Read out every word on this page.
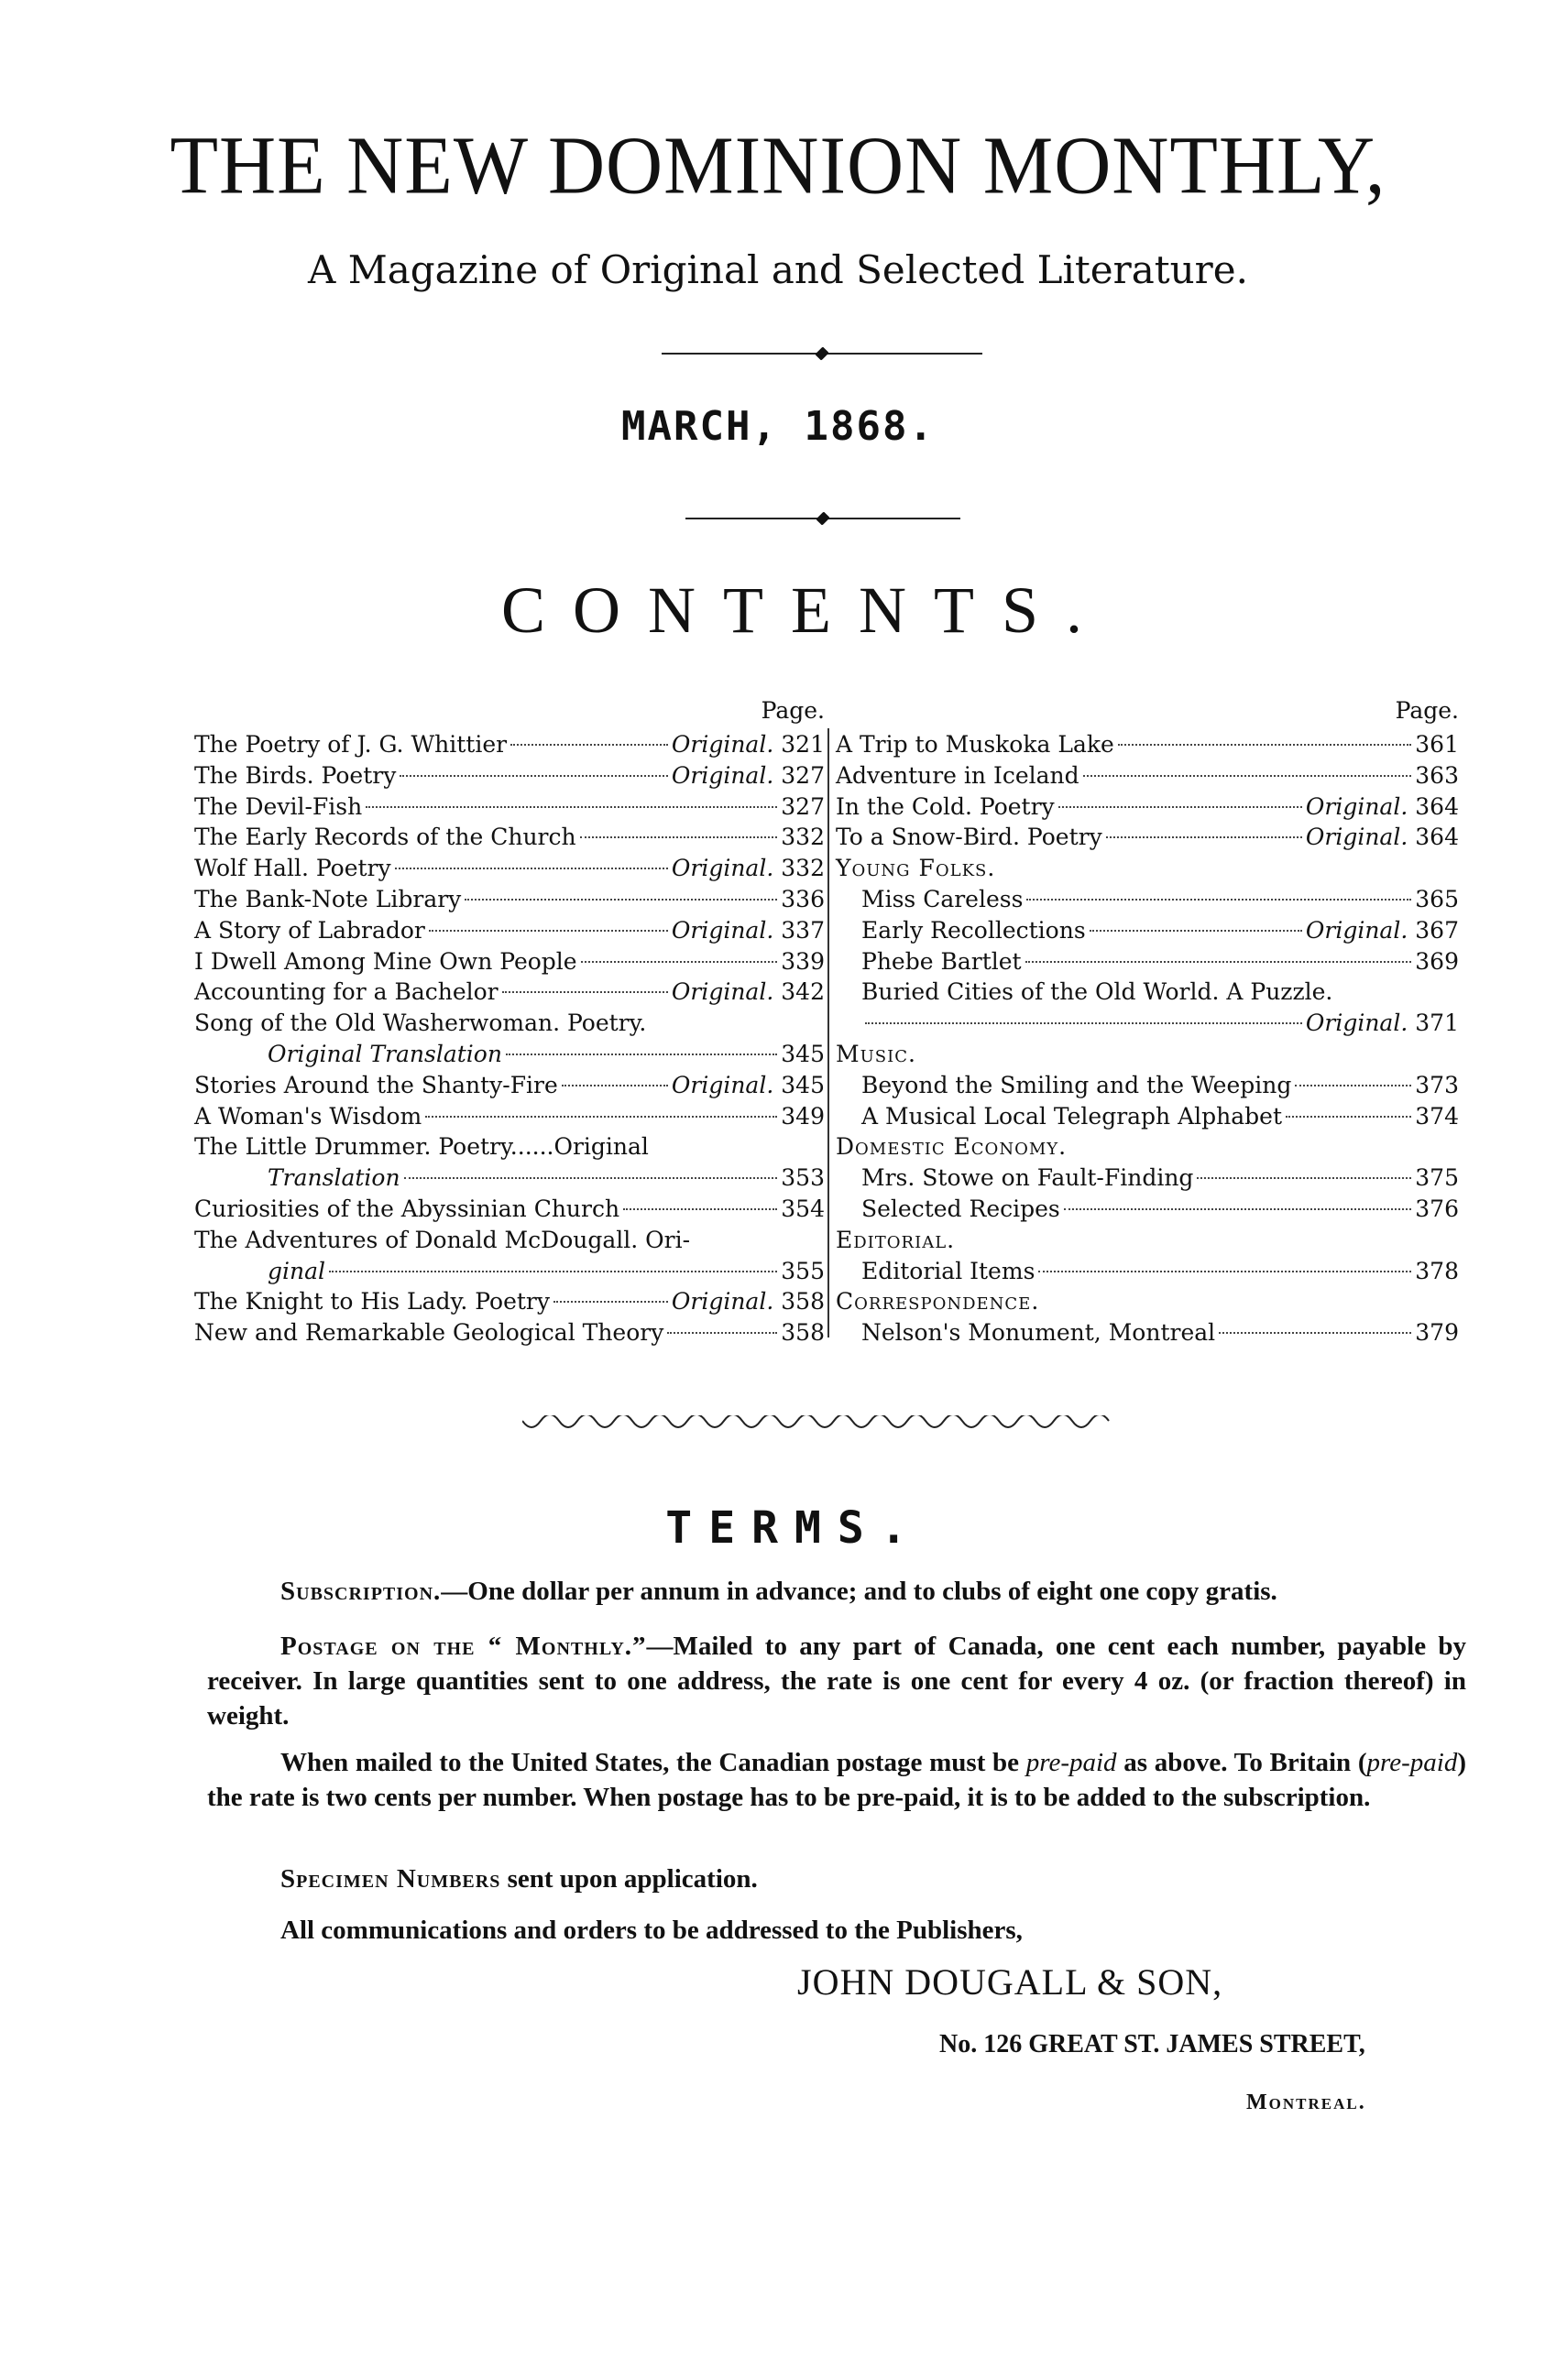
THE NEW DOMINION MONTHLY,
A Magazine of Original and Selected Literature.
MARCH, 1868.
CONTENTS.
Page.
The Poetry of J. G. Whittier	Original. 321
The Birds. Poetry	Original. 327
The Devil-Fish	327
The Early Records of the Church	332
Wolf Hall. Poetry	Original. 332
The Bank-Note Library	336
A Story of Labrador	Original. 337
I Dwell Among Mine Own People	339
Accounting for a Bachelor	Original. 342
Song of the Old Washerwoman. Poetry.
Original Translation	345
Stories Around the Shanty-Fire	Original. 345
A Woman's Wisdom	349
The Little Drummer. Poetry......Original
Translation	353
Curiosities of the Abyssinian Church	354
The Adventures of Donald McDougall. Ori-
ginal	355
The Knight to His Lady. Poetry	Original. 358
New and Remarkable Geological Theory	358
Page.
A Trip to Muskoka Lake	361
Adventure in Iceland	363
In the Cold. Poetry	Original. 364
To a Snow-Bird. Poetry	Original. 364
Young Folks.
Miss Careless	365
Early Recollections	Original. 367
Phebe Bartlet	369
Buried Cities of the Old World. A Puzzle.
Original. 371
Music.
Beyond the Smiling and the Weeping	373
A Musical Local Telegraph Alphabet	374
Domestic Economy.
Mrs. Stowe on Fault-Finding	375
Selected Recipes	376
Editorial.
Editorial Items	378
Correspondence.
Nelson's Monument, Montreal	379
TERMS.
Subscription.—One dollar per annum in advance; and to clubs of eight one copy gratis.
Postage on the “ Monthly.”—Mailed to any part of Canada, one cent each number, payable by receiver. In large quantities sent to one address, the rate is one cent for every 4 oz. (or fraction thereof) in weight.
When mailed to the United States, the Canadian postage must be pre-paid as above. To Britain (pre-paid) the rate is two cents per number. When postage has to be pre-paid, it is to be added to the subscription.
Specimen Numbers sent upon application.
All communications and orders to be addressed to the Publishers,
JOHN DOUGALL & SON,
No. 126 GREAT ST. JAMES STREET,
Montreal.
